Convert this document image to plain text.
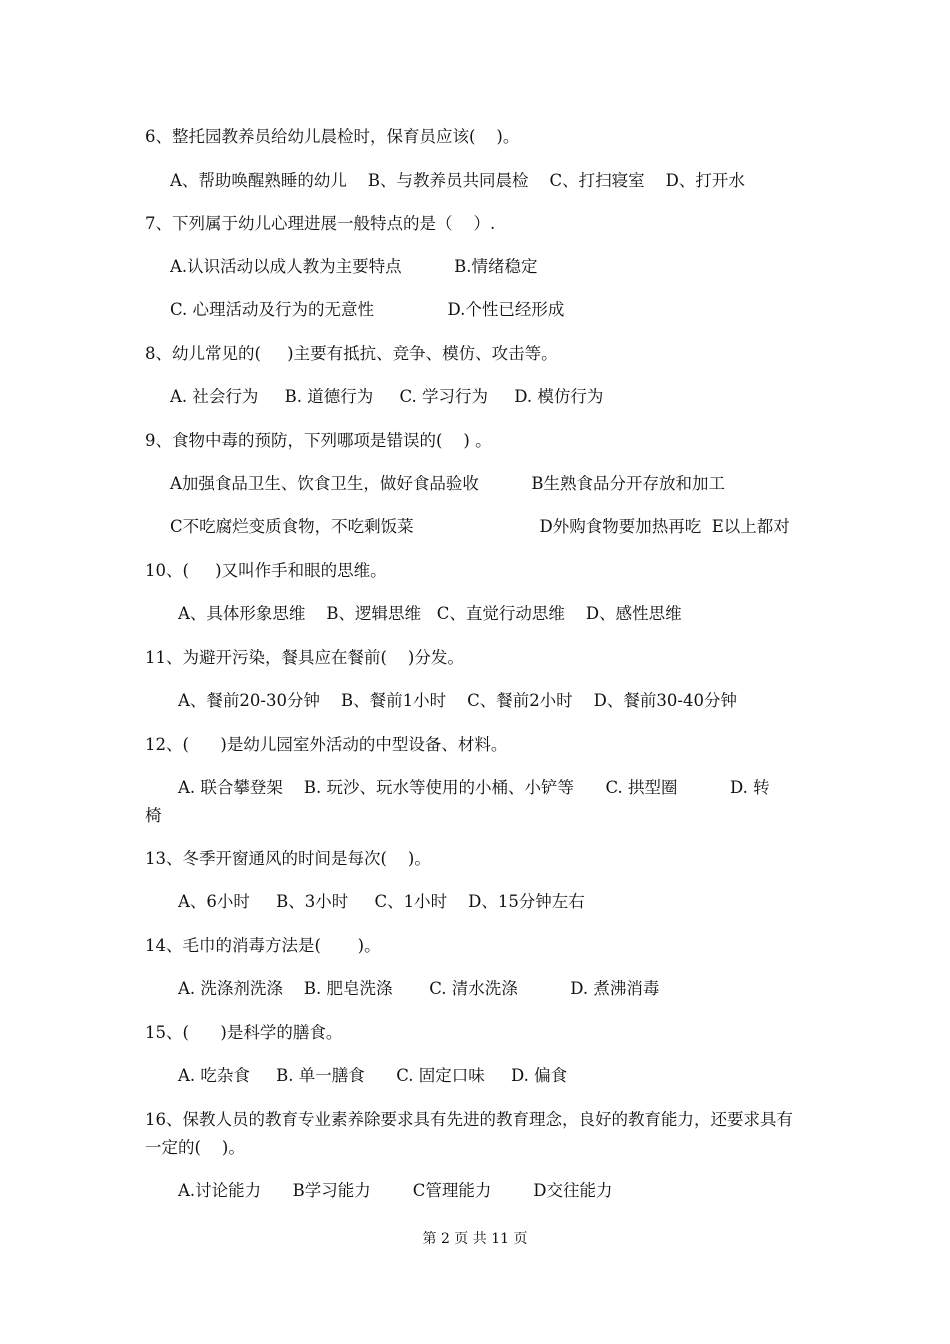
6、整托园教养员给幼儿晨检时，保育员应该(    )。
A、帮助唤醒熟睡的幼儿    B、与教养员共同晨检    C、打扫寝室    D、打开水
7、下列属于幼儿心理进展一般特点的是（    ）.
A.认识活动以成人教为主要特点          B.情绪稳定
C. 心理活动及行为的无意性              D.个性已经形成
8、幼儿常见的(     )主要有抵抗、竞争、模仿、攻击等。
A. 社会行为     B. 道德行为     C. 学习行为     D. 模仿行为
9、食物中毒的预防，下列哪项是错误的(    ) 。
A加强食品卫生、饮食卫生，做好食品验收          B生熟食品分开存放和加工
C不吃腐烂变质食物，不吃剩饭菜                        D外购食物要加热再吃  E以上都对
10、(     )又叫作手和眼的思维。
A、具体形象思维    B、逻辑思维   C、直觉行动思维    D、感性思维
11、为避开污染，餐具应在餐前(    )分发。
A、餐前20-30分钟    B、餐前1小时    C、餐前2小时    D、餐前30-40分钟
12、(      )是幼儿园室外活动的中型设备、材料。
A. 联合攀登架    B. 玩沙、玩水等使用的小桶、小铲等      C. 拱型圈          D. 转
椅
13、冬季开窗通风的时间是每次(    )。
A、6小时     B、3小时     C、1小时    D、15分钟左右
14、毛巾的消毒方法是(       )。
A. 洗涤剂洗涤    B. 肥皂洗涤       C. 清水洗涤          D. 煮沸消毒
15、(      )是科学的膳食。
A. 吃杂食     B. 单一膳食      C. 固定口味     D. 偏食
16、保教人员的教育专业素养除要求具有先进的教育理念，良好的教育能力，还要求具有
一定的(    )。
A.讨论能力      B学习能力        C管理能力        D交往能力
第 2 页 共 11 页
